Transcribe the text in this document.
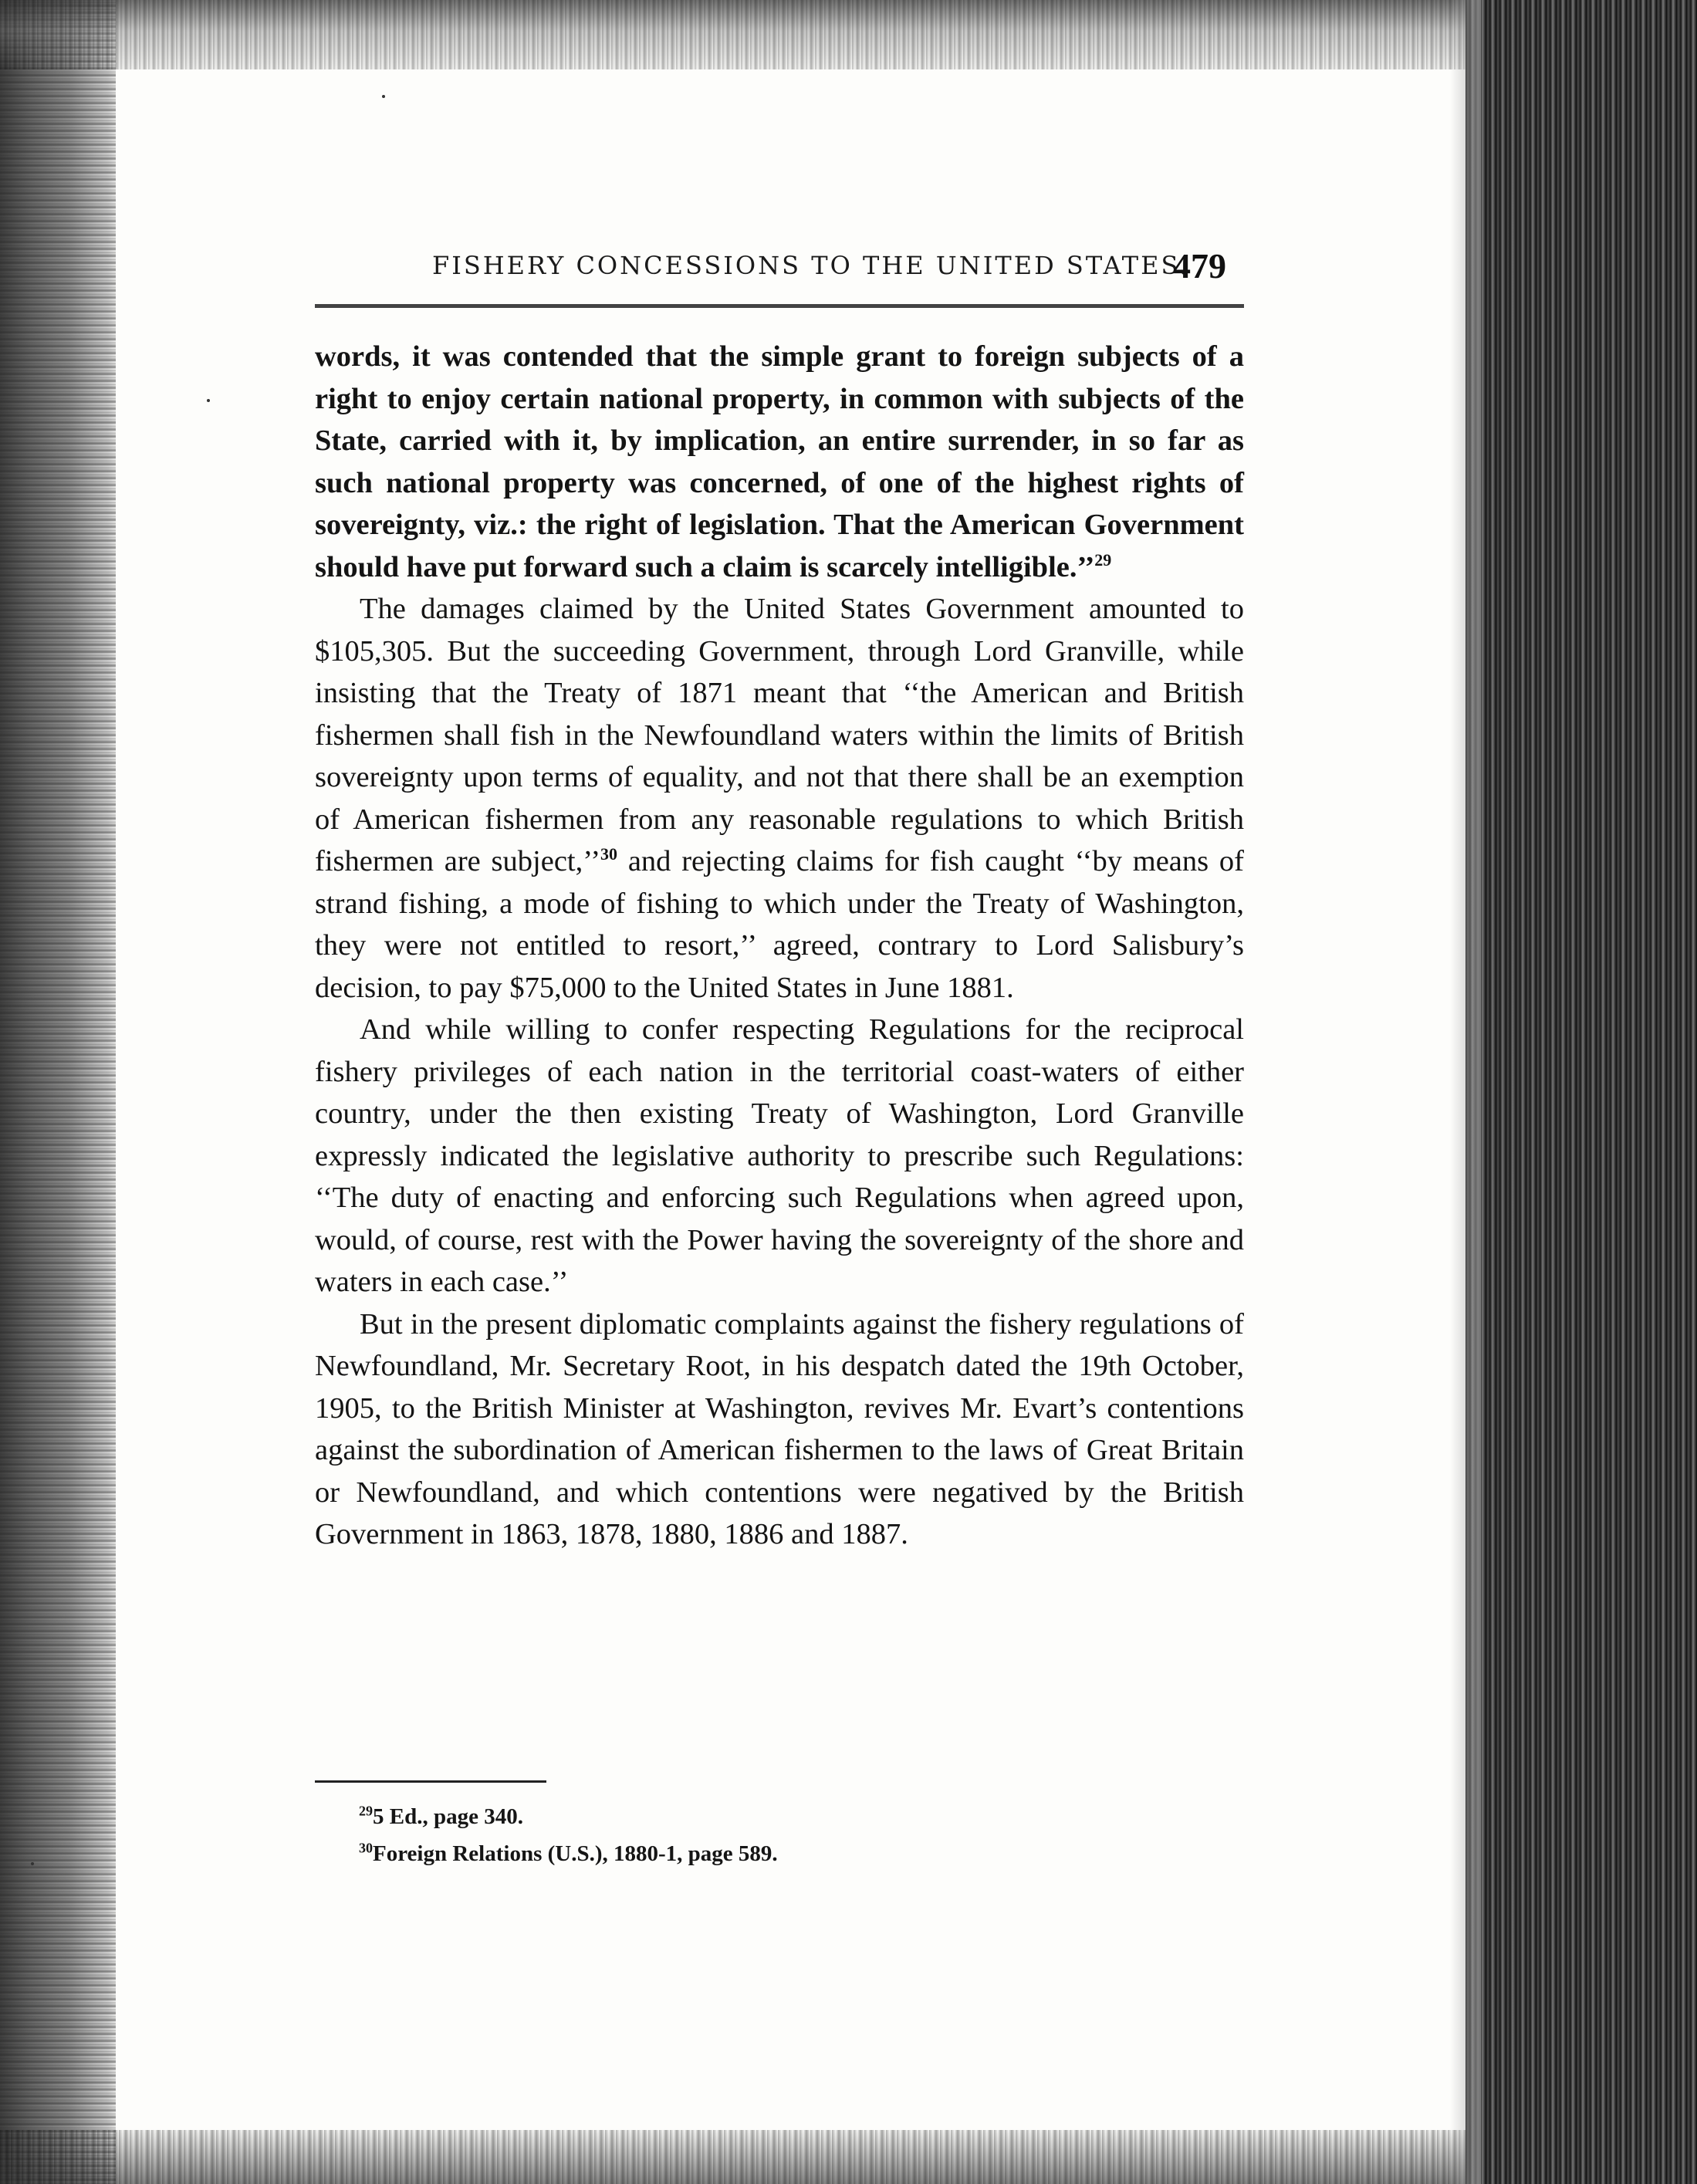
FISHERY CONCESSIONS TO THE UNITED STATES.
479

words, it was contended that the simple grant to foreign subjects of a right to enjoy certain national property, in common with subjects of the State, carried with it, by implication, an entire surrender, in so far as such national property was concerned, of one of the highest rights of sovereignty, viz.: the right of legislation. That the American Government should have put forward such a claim is scarcely intelligible.’’$^{29}$

The damages claimed by the United States Government amounted to $105,305. But the succeeding Government, through Lord Granville, while insisting that the Treaty of 1871 meant that ‘‘the American and British fishermen shall fish in the Newfoundland waters within the limits of British sovereignty upon terms of equality, and not that there shall be an exemption of American fishermen from any reasonable regulations to which British fishermen are subject,’’$^{30}$ and rejecting claims for fish caught ‘‘by means of strand fishing, a mode of fishing to which under the Treaty of Washington, they were not entitled to resort,’’ agreed, contrary to Lord Salisbury’s decision, to pay $75,000 to the United States in June 1881.

And while willing to confer respecting Regulations for the reciprocal fishery privileges of each nation in the territorial coast-waters of either country, under the then existing Treaty of Washington, Lord Granville expressly indicated the legislative authority to prescribe such Regulations: ‘‘The duty of enacting and enforcing such Regulations when agreed upon, would, of course, rest with the Power having the sovereignty of the shore and waters in each case.’’

But in the present diplomatic complaints against the fishery regulations of Newfoundland, Mr. Secretary Root, in his despatch dated the 19th October, 1905, to the British Minister at Washington, revives Mr. Evart’s contentions against the subordination of American fishermen to the laws of Great Britain or Newfoundland, and which contentions were negatived by the British Government in 1863, 1878, 1880, 1886 and 1887.

$^{29}$5 Ed., page 340.
$^{30}$Foreign Relations (U.S.), 1880-1, page 589.
